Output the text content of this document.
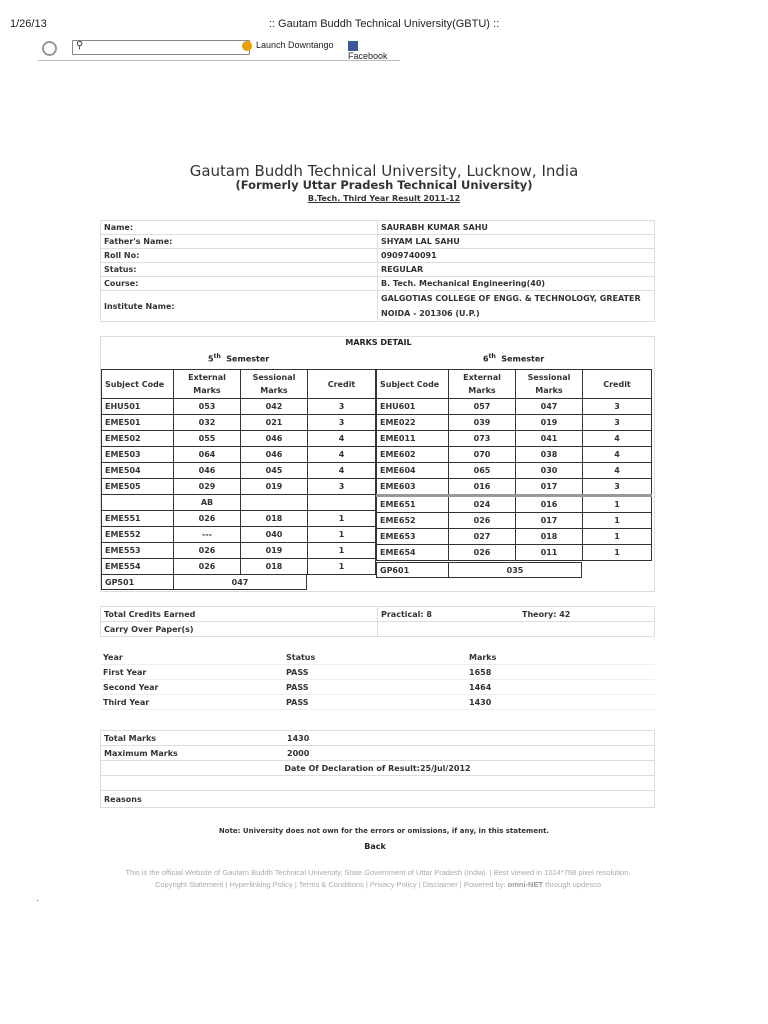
1/26/13	:: Gautam Buddh Technical University(GBTU) ::
⚲	Launch Downtango
Facebook
Gautam Buddh Technical University, Lucknow, India
(Formerly Uttar Pradesh Technical University)
B.Tech. Third Year Result 2011-12
Name:	SAURABH KUMAR SAHU
Father's Name:	SHYAM LAL SAHU
Roll No:	0909740091
Status:	REGULAR
Course:	B. Tech. Mechanical Engineering(40)
Institute Name:	GALGOTIAS COLLEGE OF ENGG. & TECHNOLOGY, GREATER NOIDA - 201306 (U.P.)
MARKS DETAIL
5th Semester	6th Semester
Subject Code	External Marks	Sessional Marks	Credit
EHU501	053	042	3
EME501	032	021	3
EME502	055	046	4
EME503	064	046	4
EME504	046	045	4
EME505	029	019	3
	AB		
EME551	026	018	1
EME552	---	040	1
EME553	026	019	1
EME554	026	018	1
GP501	047
Subject Code	External Marks	Sessional Marks	Credit
EHU601	057	047	3
EME022	039	019	3
EME011	073	041	4
EME602	070	038	4
EME604	065	030	4
EME603	016	017	3
EME651	024	016	1
EME652	026	017	1
EME653	027	018	1
EME654	026	011	1
GP601	035
Total Credits Earned	Practical: 8	Theory: 42
Carry Over Paper(s)		
Year	Status	Marks
First Year	PASS	1658
Second Year	PASS	1464
Third Year	PASS	1430

Total Marks	1430
Maximum Marks	2000
Date Of Declaration of Result:25/Jul/2012	

Reasons	
Note: University does not own for the errors or omissions, if any, in this statement.
Back
This is the official Website of Gautam Buddh Technical University, State Government of Uttar Pradesh (India). | Best viewed in 1024*768 pixel resolution.
Copyright Statement | Hyperlinking Policy | Terms & Conditions | Privacy Policy | Disclaimer | Powered by: omni-NET through updesco
.
